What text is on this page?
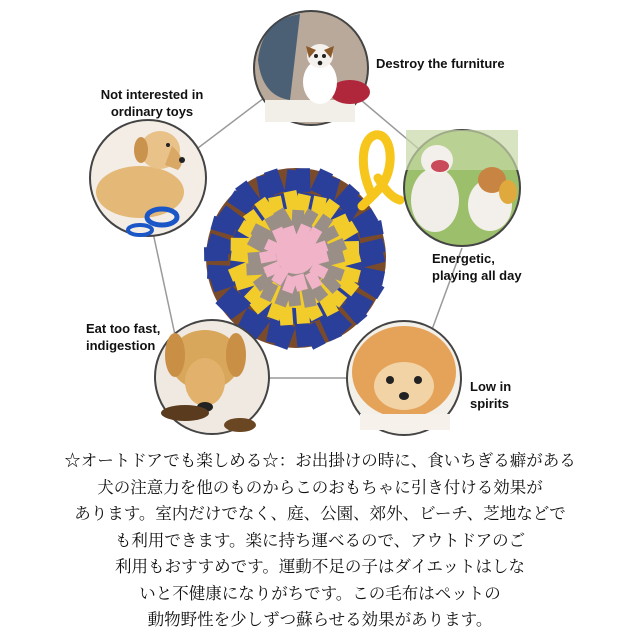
Destroy the furniture
Not interested in
ordinary toys
Energetic,
playing all day
Eat too fast,
indigestion
Low in
spirits
☆オートドアでも楽しめる☆：お出掛けの時に、食いちぎる癖がある
犬の注意力を他のものからこのおもちゃに引き付ける効果が
あります。室内だけでなく、庭、公園、郊外、ビーチ、芝地などで
も利用できます。楽に持ち運べるので、アウトドアのご
利用もおすすめです。運動不足の子はダイエットはしな
いと不健康になりがちです。この毛布はペットの
動物野性を少しずつ蘇らせる効果があります。
